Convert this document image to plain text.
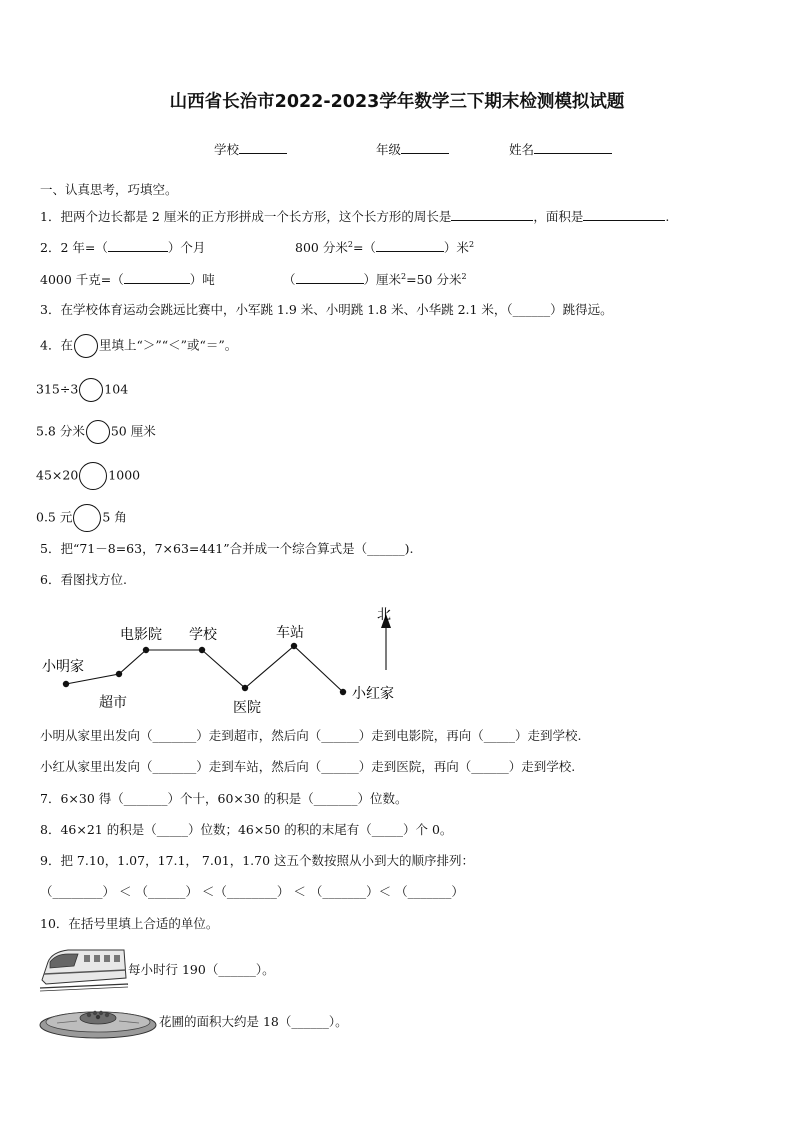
山西省长治市2022-2023学年数学三下期末检测模拟试题
学校	年级	姓名
一、认真思考，巧填空。
1．把两个边长都是 2 厘米的正方形拼成一个长方形，这个长方形的周长是	，面积是	.
2．2 年=（	）个月	800 分米$^2$=（	）米$^2$
4000 千克=（	）吨	（	）厘米$^2$=50 分米$^2$
3．在学校体育运动会跳远比赛中，小军跳 1.9 米、小明跳 1.8 米、小华跳 2.1 米，（______）跳得远。
4．在 里填上“＞”“＜”或“＝”。
315÷3 104
5.8 分米 50 厘米
45×20 1000
0.5 元 5 角
5．把“71－8=63，7×63=441”合并成一个综合算式是（______).
6．看图找方位.
小明家
超市
电影院 学校
医院
车站
小红家
北
小明从家里出发向（_______）走到超市，然后向（______）走到电影院，再向（_____）走到学校.
小红从家里出发向（_______）走到车站，然后向（______）走到医院，再向（______）走到学校.
7．6×30 得（_______）个十，60×30 的积是（_______）位数。
8．46×21 的积是（_____）位数；46×50 的积的末尾有（_____）个 0。
9．把 7.10，1.07，17.1， 7.01，1.70 这五个数按照从小到大的顺序排列：
（________） ＜ （______） ＜（________） ＜ （_______）＜ （_______）
10．在括号里填上合适的单位。
每小时行 190（______）。
花圃的面积大约是 18（______）。
